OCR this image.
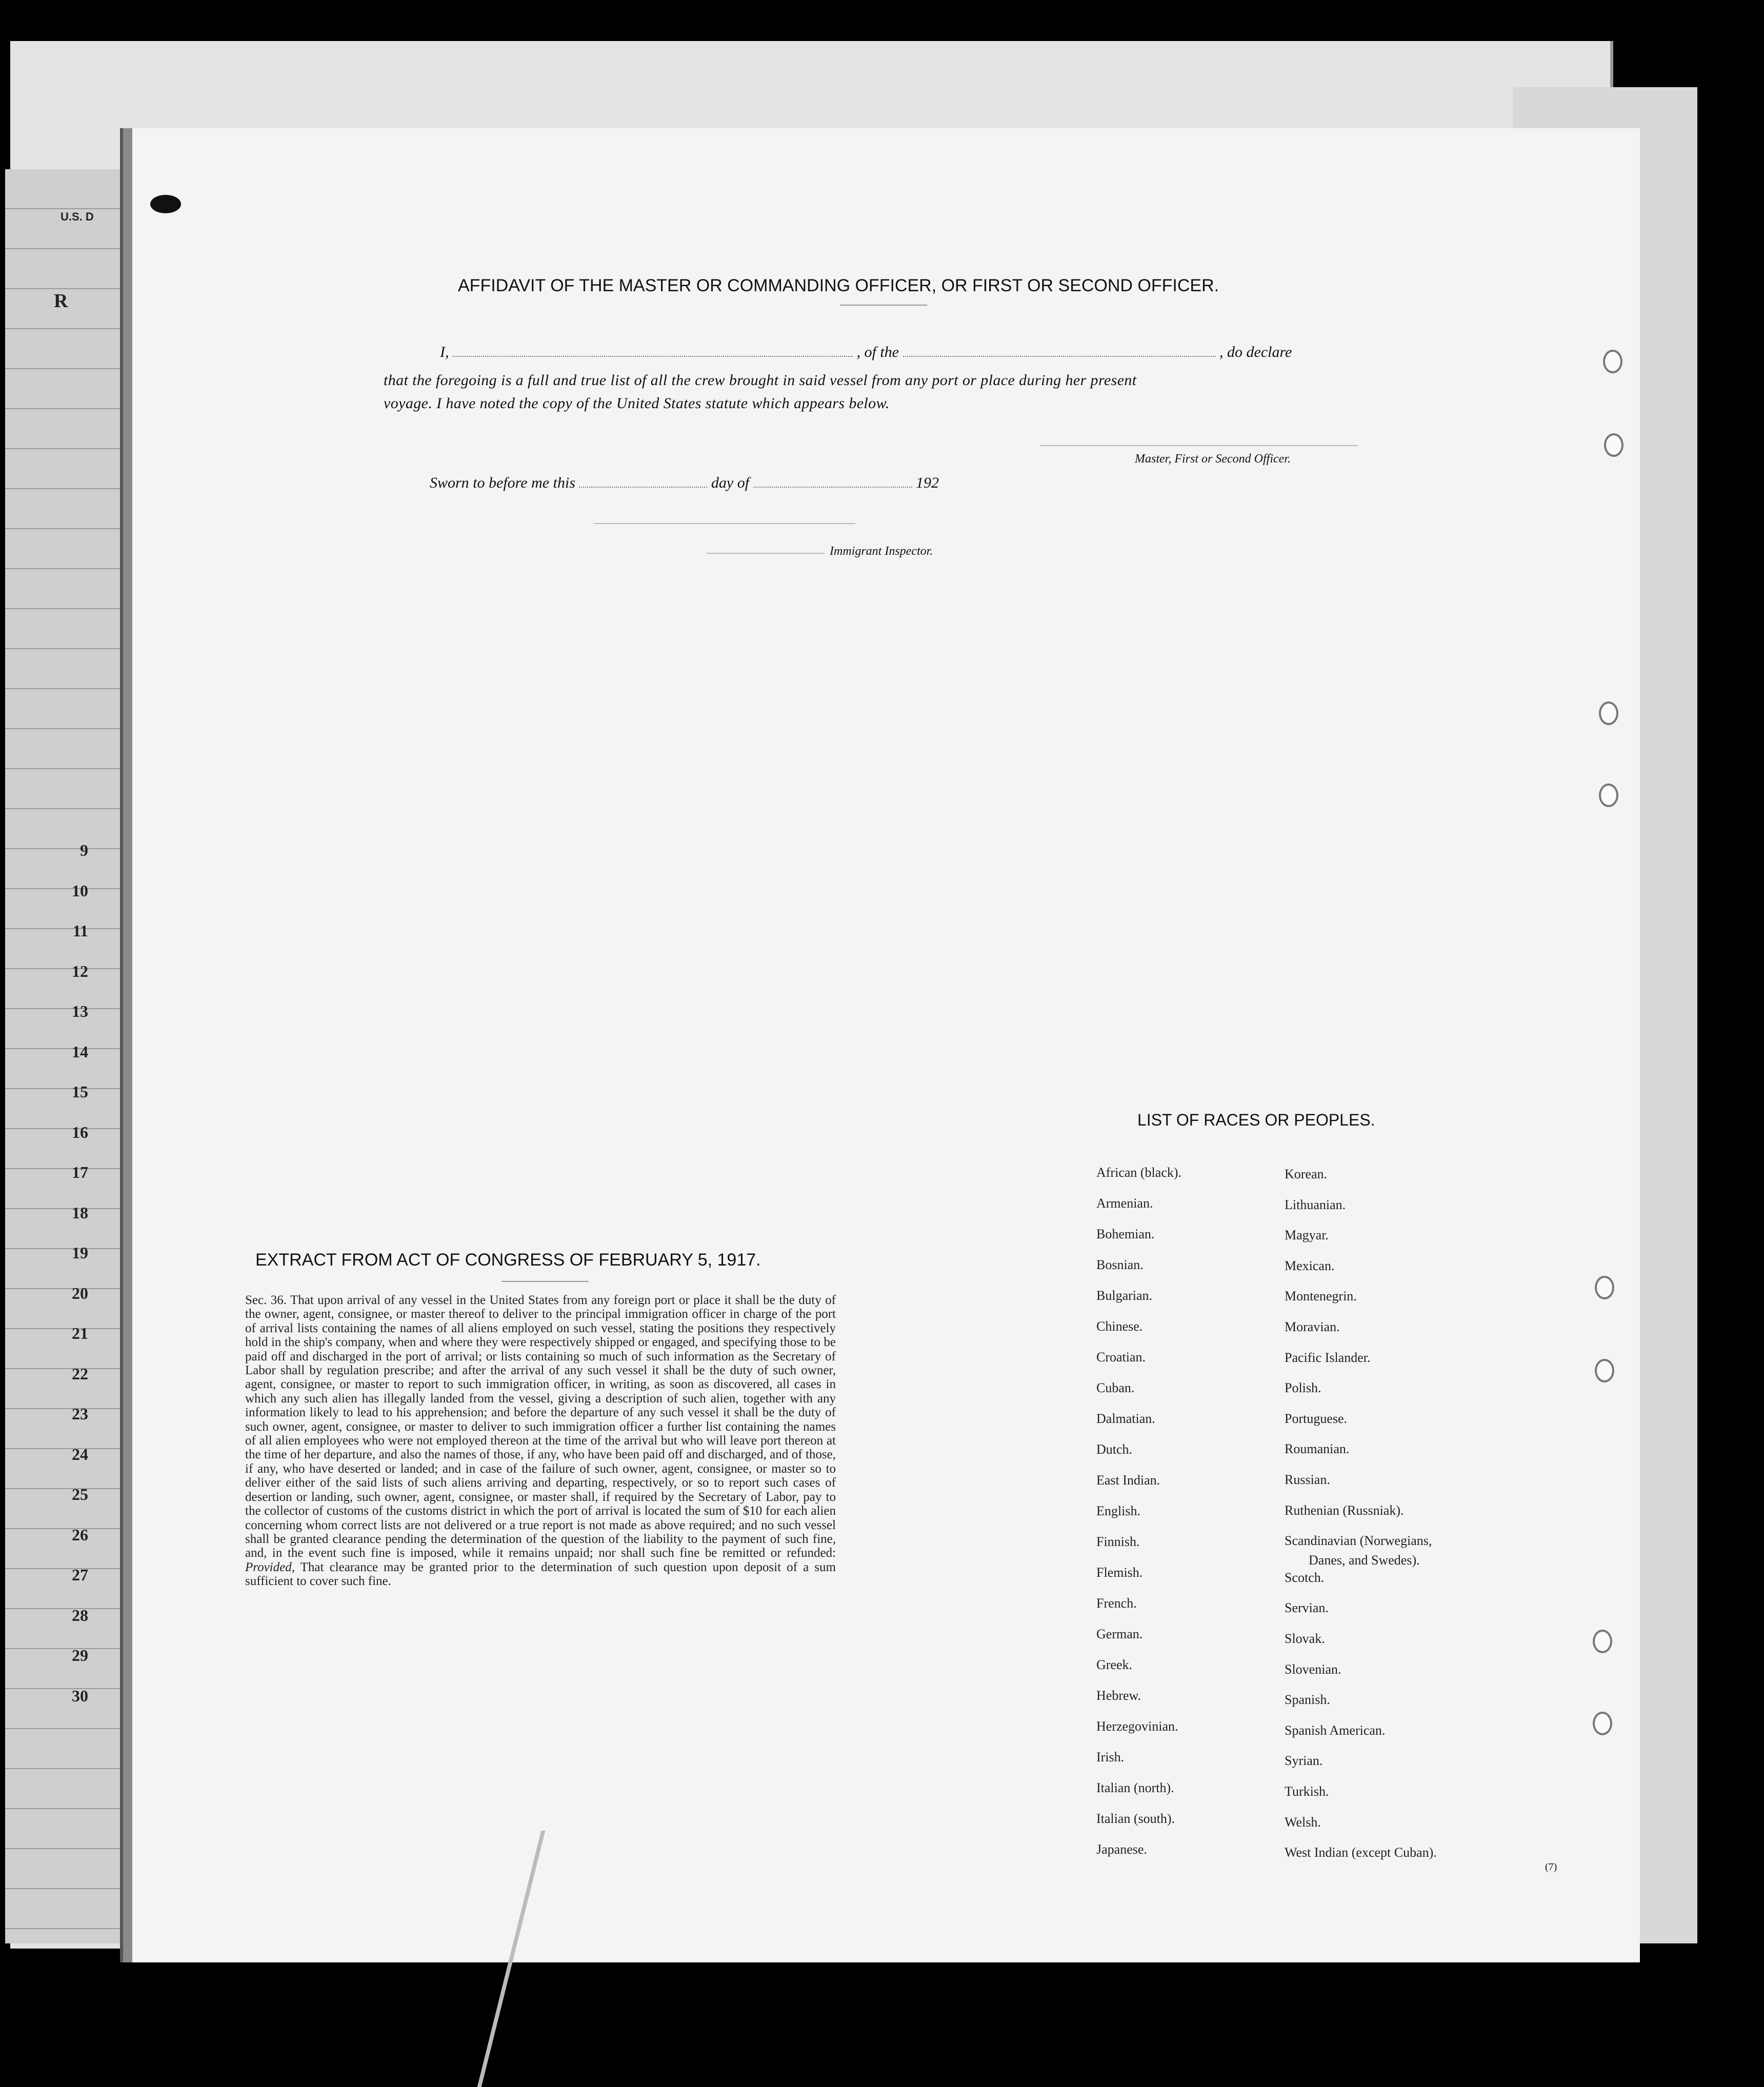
U.S. D
R
9
10
11
12
13
14
15
16
17
18
19
20
21
22
23
24
25
26
27
28
29
30
AFFIDAVIT OF THE MASTER OR COMMANDING OFFICER, OR FIRST OR SECOND OFFICER.
I,	, of the	, do declare
that the foregoing is a full and true list of all the crew brought in said vessel from any port or place during her present
voyage. I have noted the copy of the United States statute which appears below.
Master, First or Second Officer.
Sworn to before me this	day of	192
Immigrant Inspector.
EXTRACT FROM ACT OF CONGRESS OF FEBRUARY 5, 1917.
LIST OF RACES OR PEOPLES.
(7)
Sec. 36. That upon arrival of any vessel in the United States from any foreign port or place it shall be the duty of the owner, agent, consignee, or master thereof to deliver to the principal immigration officer in charge of the port of arrival lists containing the names of all aliens employed on such vessel, stating the positions they respectively hold in the ship's company, when and where they were respectively shipped or engaged, and specifying those to be paid off and discharged in the port of arrival; or lists containing so much of such information as the Secretary of Labor shall by regulation prescribe; and after the arrival of any such vessel it shall be the duty of such owner, agent, consignee, or master to report to such immigration officer, in writing, as soon as discovered, all cases in which any such alien has illegally landed from the vessel, giving a description of such alien, together with any information likely to lead to his apprehension; and before the departure of any such vessel it shall be the duty of such owner, agent, consignee, or master to deliver to such immigration officer a further list containing the names of all alien employees who were not employed thereon at the time of the arrival but who will leave port thereon at the time of her departure, and also the names of those, if any, who have been paid off and discharged, and of those, if any, who have deserted or landed; and in case of the failure of such owner, agent, consignee, or master so to deliver either of the said lists of such aliens arriving and departing, respectively, or so to report such cases of desertion or landing, such owner, agent, consignee, or master shall, if required by the Secretary of Labor, pay to the collector of customs of the customs district in which the port of arrival is located the sum of $10 for each alien concerning whom correct lists are not delivered or a true report is not made as above required; and no such vessel shall be granted clearance pending the determination of the question of the liability to the payment of such fine, and, in the event such fine is imposed, while it remains unpaid; nor shall such fine be remitted or refunded: Provided, That clearance may be granted prior to the determination of such question upon deposit of a sum sufficient to cover such fine.
African (black).
Armenian.
Bohemian.
Bosnian.
Bulgarian.
Chinese.
Croatian.
Cuban.
Dalmatian.
Dutch.
East Indian.
English.
Finnish.
Flemish.
French.
German.
Greek.
Hebrew.
Herzegovinian.
Irish.
Italian (north).
Italian (south).
Japanese.
Korean.
Lithuanian.
Magyar.
Mexican.
Montenegrin.
Moravian.
Pacific Islander.
Polish.
Portuguese.
Roumanian.
Russian.
Ruthenian (Russniak).
Scandinavian (Norwegians,
Scotch.
Servian.
Slovak.
Slovenian.
Spanish.
Spanish American.
Syrian.
Turkish.
Welsh.
West Indian (except Cuban).
Danes, and Swedes).
